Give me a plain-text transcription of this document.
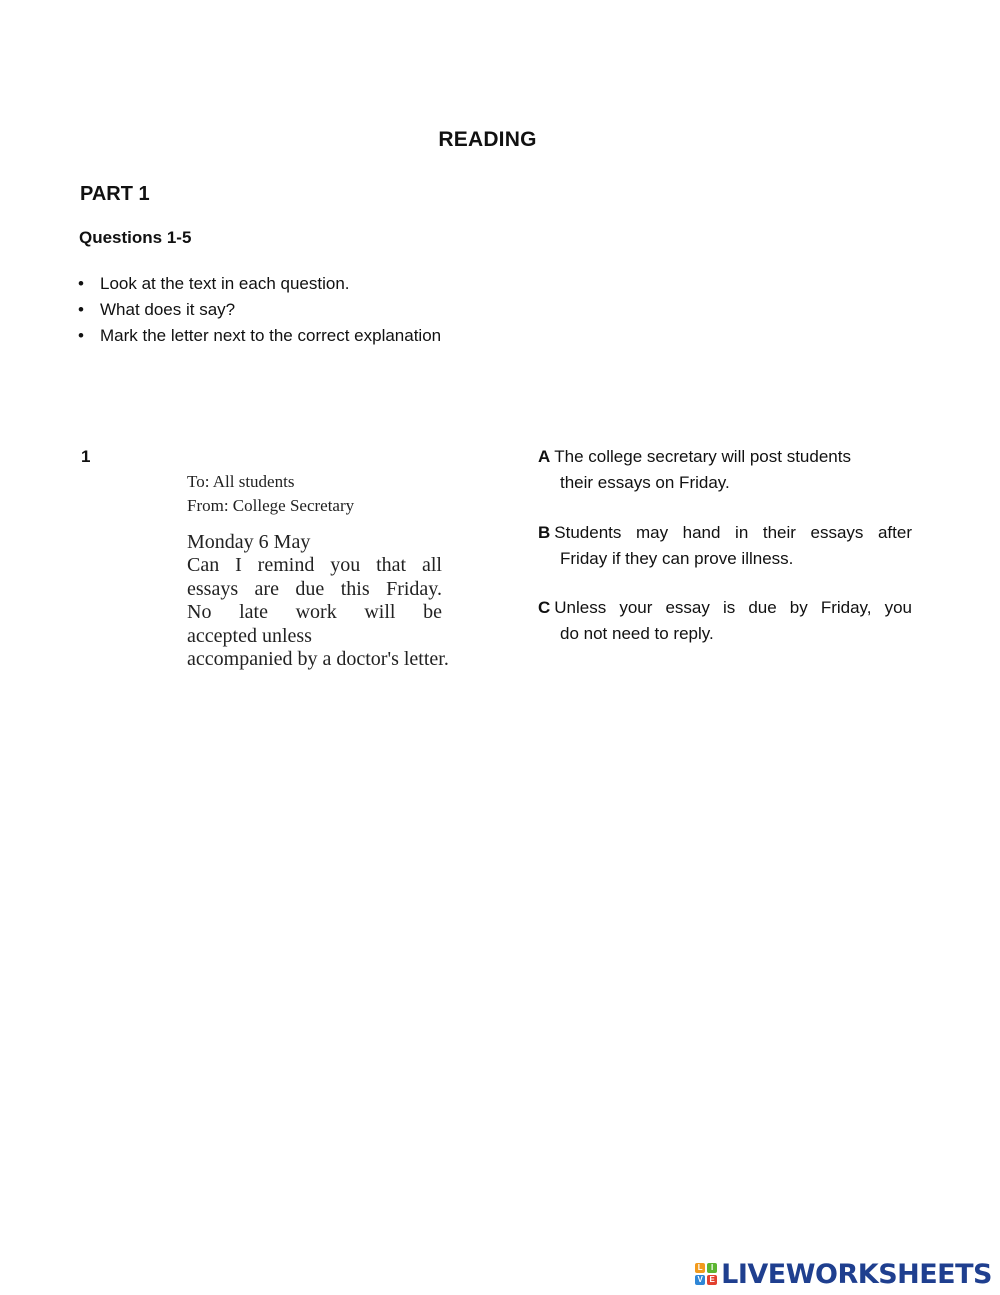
READING
PART 1
Questions 1-5
• Look at the text in each question.
• What does it say?
• Mark the letter next to the correct explanation
1
To: All students
From: College Secretary
Monday 6 May
Can I remind you that all
essays are due this Friday.
No late work will be
accepted unless
accompanied by a doctor's letter.
A The college secretary will post students
their essays on Friday.
B Students may hand in their essays after
Friday if they can prove illness.
C Unless your essay is due by Friday, you
do not need to reply.
L	I
V E LIVEWORKSHEETS
